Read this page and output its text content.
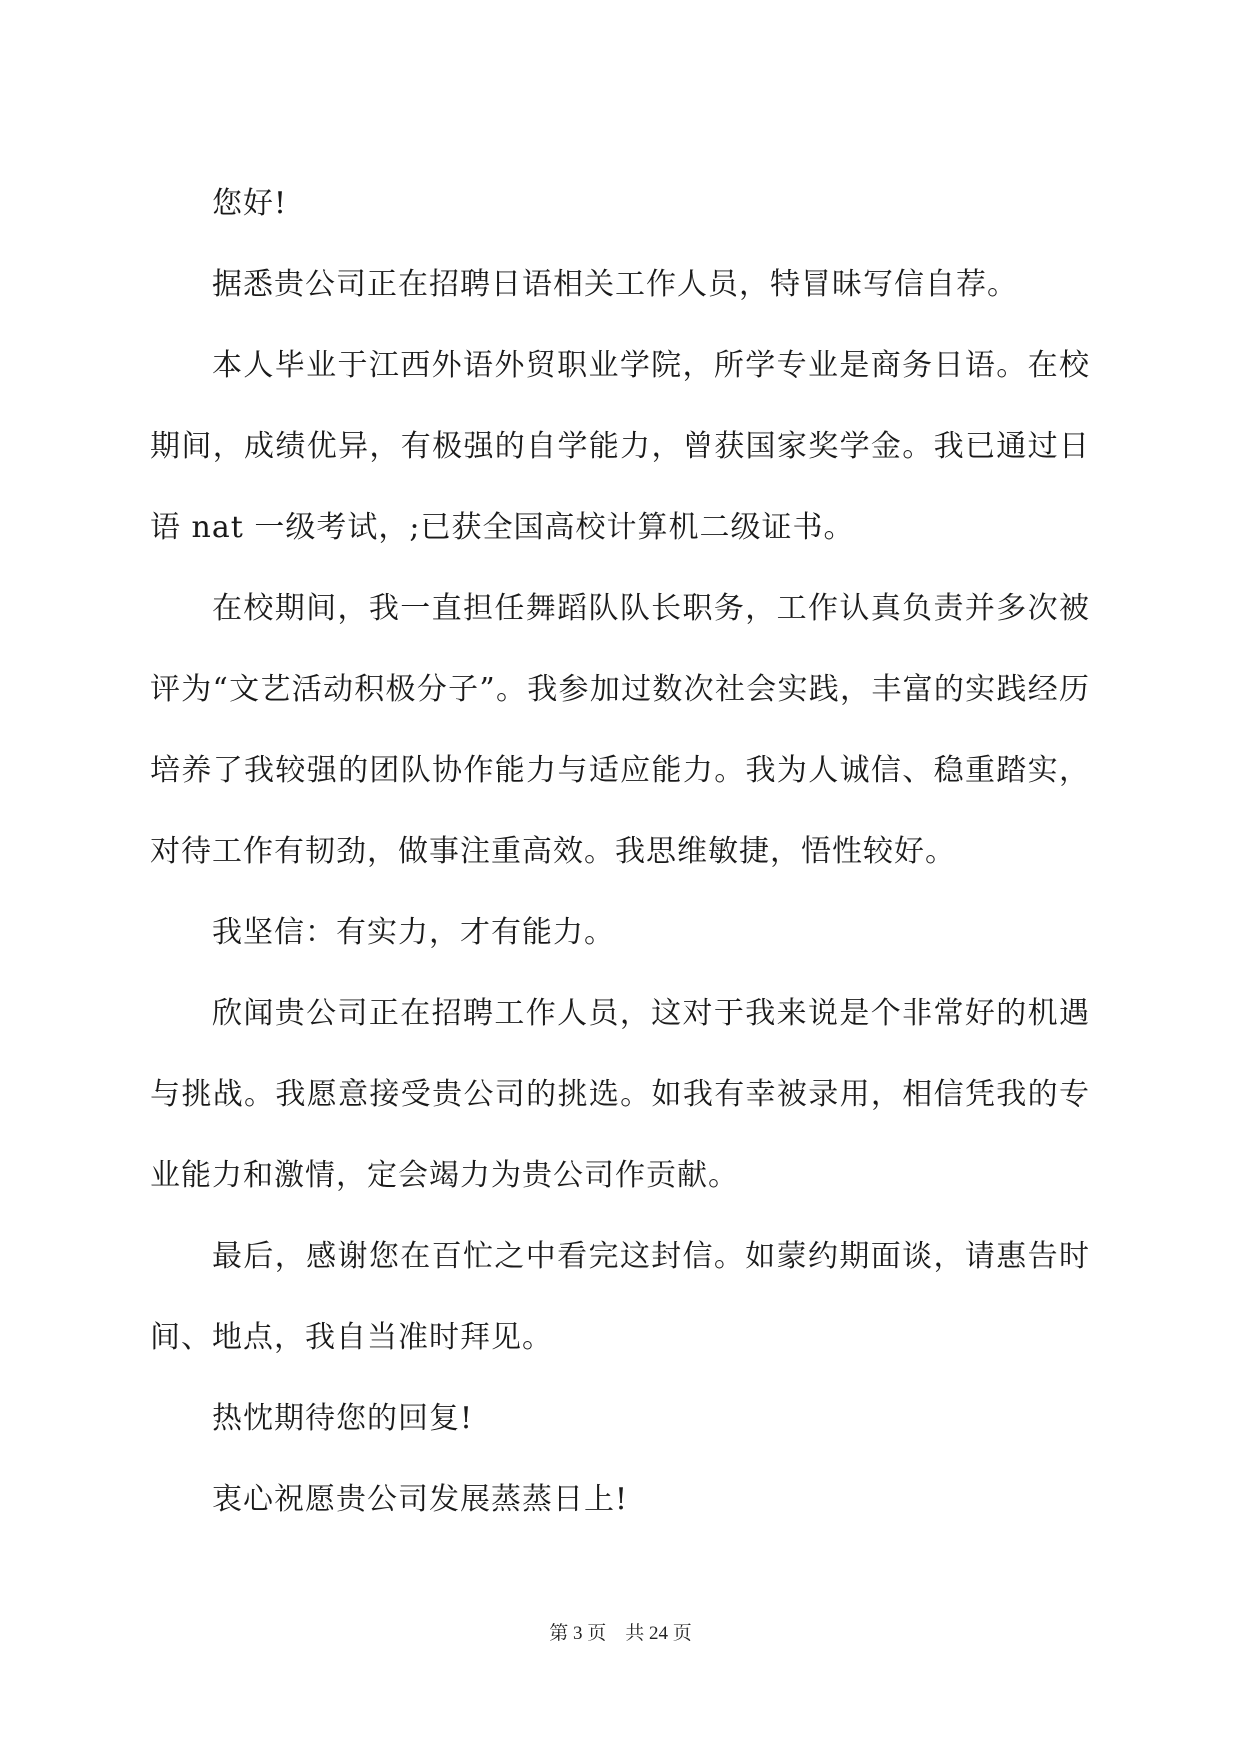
您好!

据悉贵公司正在招聘日语相关工作人员，特冒昧写信自荐。

本人毕业于江西外语外贸职业学院，所学专业是商务日语。在校期间，成绩优异，有极强的自学能力，曾获国家奖学金。我已通过日语 nat 一级考试，;已获全国高校计算机二级证书。

在校期间，我一直担任舞蹈队队长职务，工作认真负责并多次被评为“文艺活动积极分子”。我参加过数次社会实践，丰富的实践经历培养了我较强的团队协作能力与适应能力。我为人诚信、稳重踏实，对待工作有韧劲，做事注重高效。我思维敏捷，悟性较好。

我坚信：有实力，才有能力。

欣闻贵公司正在招聘工作人员，这对于我来说是个非常好的机遇与挑战。我愿意接受贵公司的挑选。如我有幸被录用，相信凭我的专业能力和激情，定会竭力为贵公司作贡献。

最后，感谢您在百忙之中看完这封信。如蒙约期面谈，请惠告时间、地点，我自当准时拜见。

热忱期待您的回复!

衷心祝愿贵公司发展蒸蒸日上!

第 3 页    共 24 页
